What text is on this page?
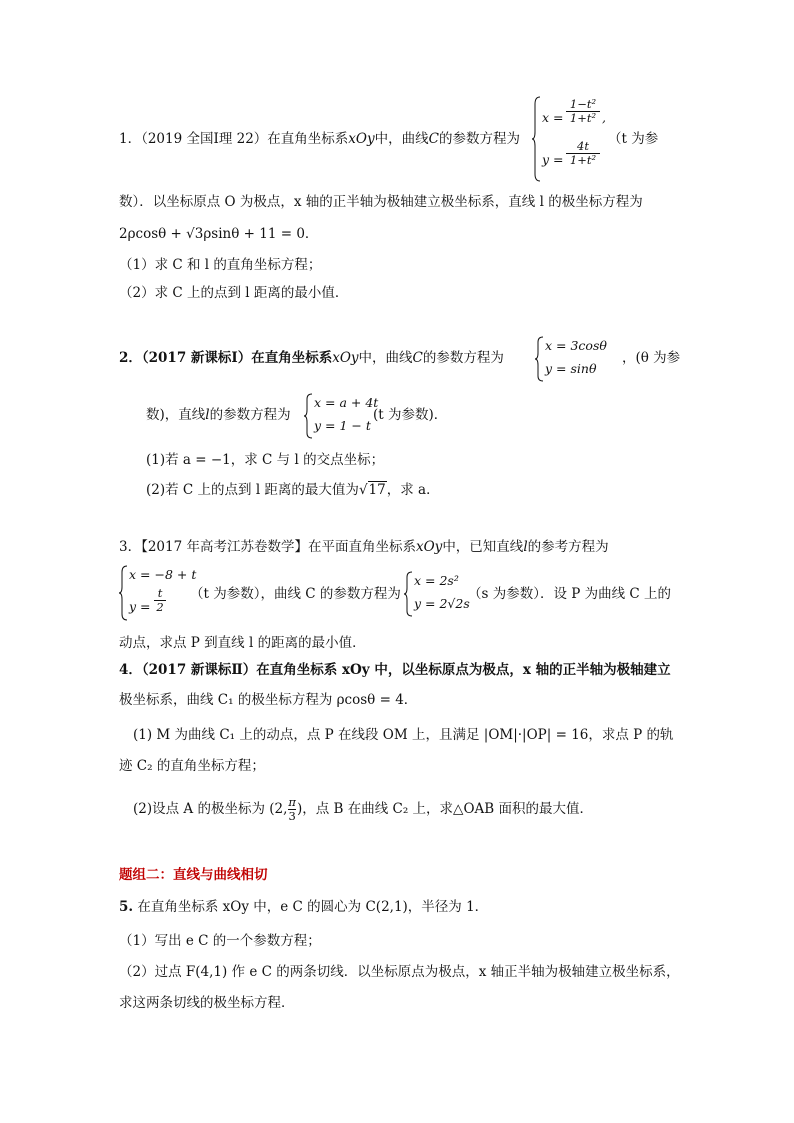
1．（2019 全国Ⅰ理 22）在直角坐标系xOy中，曲线C的参数方程为
x =
1−t²
1+t² ,
y =
4t
1+t²
（t 为参
数）．以坐标原点 O 为极点，x 轴的正半轴为极轴建立极坐标系，直线 l 的极坐标方程为
2ρcosθ + √3ρsinθ + 11 = 0．
（1）求 C 和 l 的直角坐标方程；
（2）求 C 上的点到 l 距离的最小值．
2．（2017 新课标Ⅰ）在直角坐标系xOy中，曲线C的参数方程为
x = 3cosθ
y = sinθ
，(θ 为参
数)，直线l的参数方程为
x = a + 4t
y = 1 − t
(t 为参数)．
(1)若 a = −1，求 C 与 l 的交点坐标；
(2)若 C 上的点到 l 距离的最大值为√17，求 a．
3．【2017 年高考江苏卷数学】在平面直角坐标系xOy中，已知直线l的参考方程为
x = −8 + t
y =
t
2
（t 为参数），曲线 C 的参数方程为
x = 2s²
y = 2√2s
（s 为参数）．设 P 为曲线 C 上的
动点，求点 P 到直线 l 的距离的最小值．
4．（2017 新课标Ⅱ）在直角坐标系 xOy 中，以坐标原点为极点，x 轴的正半轴为极轴建立
极坐标系，曲线 C₁ 的极坐标方程为 ρcosθ = 4．
(1) M 为曲线 C₁ 上的动点，点 P 在线段 OM 上，且满足 |OM|·|OP| = 16，求点 P 的轨
迹 C₂ 的直角坐标方程；
(2)设点 A 的极坐标为 (2, $\frac{\pi}{3}$ )，点 B 在曲线 C₂ 上，求△OAB 面积的最大值．
题组二：直线与曲线相切
5. 在直角坐标系 xOy 中，e C 的圆心为 C(2,1)，半径为 1．
（1）写出 e C 的一个参数方程；
（2）过点 F(4,1) 作 e C 的两条切线．以坐标原点为极点，x 轴正半轴为极轴建立极坐标系，
求这两条切线的极坐标方程．
